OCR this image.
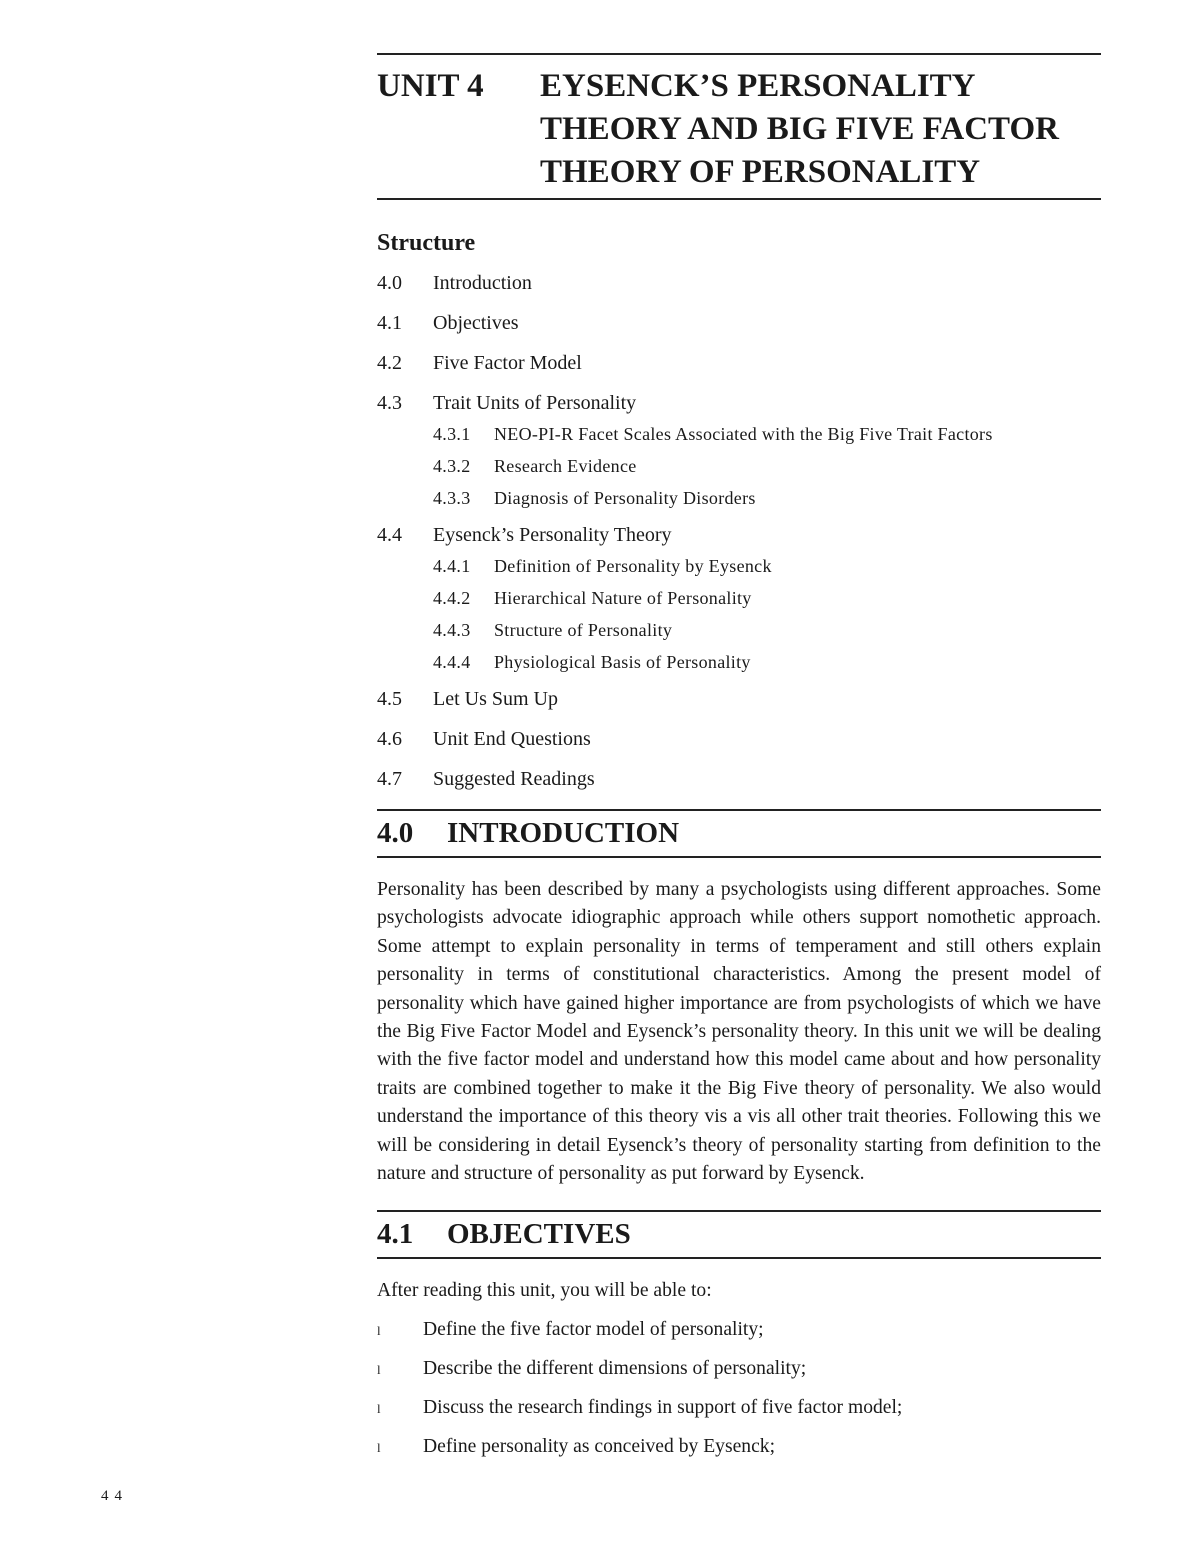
UNIT 4	EYSENCK’S PERSONALITY
THEORY AND BIG FIVE FACTOR
THEORY OF PERSONALITY
Structure
4.0	Introduction
4.1	Objectives
4.2	Five Factor Model
4.3	Trait Units of Personality
4.3.1	NEO-PI-R Facet Scales Associated with the Big Five Trait Factors
4.3.2	Research Evidence
4.3.3	Diagnosis of Personality Disorders
4.4	Eysenck’s Personality Theory
4.4.1	Definition of Personality by Eysenck
4.4.2	Hierarchical Nature of Personality
4.4.3	Structure of Personality
4.4.4	Physiological Basis of Personality
4.5	Let Us Sum Up
4.6	Unit End Questions
4.7	Suggested Readings
4.0	INTRODUCTION
Personality has been described by many a psychologists using different approaches. Some psychologists advocate idiographic approach while others support nomothetic approach. Some attempt to explain personality in terms of temperament and still others explain personality in terms of constitutional characteristics. Among the present model of personality which have gained higher importance are from psychologists of which we have the Big Five Factor Model and Eysenck’s personality theory. In this unit we will be dealing with the five factor model and understand how this model came about and how personality traits are combined together to make it the Big Five theory of personality. We also would understand the importance of this theory vis a vis all other trait theories. Following this we will be considering in detail Eysenck’s theory of personality starting from definition to the nature and structure of personality as put forward by Eysenck.
4.1	OBJECTIVES
After reading this unit, you will be able to:
l	Define the five factor model of personality;
l	Describe the different dimensions of personality;
l	Discuss the research findings in support of five factor model;
l	Define personality as conceived by Eysenck;
44
